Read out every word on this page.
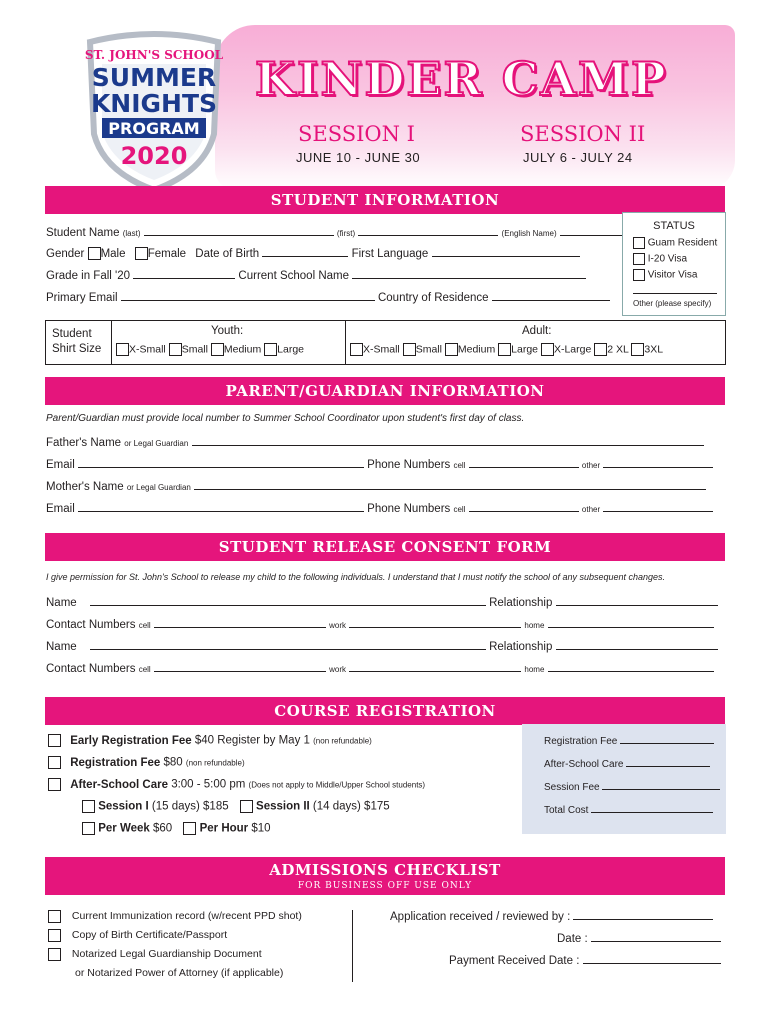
ST. JOHN'S SCHOOL
SUMMER
KNIGHTS
PROGRAM
2020
KINDER CAMP
SESSION I
JUNE 10 - JUNE 30
SESSION II
JULY 6 - JULY 24
STUDENT INFORMATION
Student Name (last)	(first)	(English Name)
Gender Male Female Date of Birth	First Language
Grade in Fall '20	Current School Name
Primary Email	Country of Residence
STATUS
Guam Resident
I-20 Visa
Visitor Visa
Other (please specify)
Student
Shirt Size
Youth:	Adult:
X-Small Small Medium Large	X-Small Small Medium Large X-Large 2 XL 3XL
PARENT/GUARDIAN INFORMATION
Parent/Guardian must provide local number to Summer School Coordinator upon student's first day of class.
Father's Name or Legal Guardian
Email	Phone Numbers cell	other
Mother's Name or Legal Guardian
Email	Phone Numbers cell	other
STUDENT RELEASE CONSENT FORM
I give permission for St. John's School to release my child to the following individuals. I understand that I must notify the school of any subsequent changes.
Name	Relationship
Contact Numbers cell	work	home
Name	Relationship
Contact Numbers cell	work	home
COURSE REGISTRATION
Early Registration Fee $40 Register by May 1 (non refundable)
Registration Fee $80 (non refundable)
After-School Care 3:00 - 5:00 pm (Does not apply to Middle/Upper School students)
Session I (15 days) $185 Session II (14 days) $175
Per Week $60 Per Hour $10
Registration Fee
After-School Care
Session Fee
Total Cost
ADMISSIONS CHECKLIST
FOR BUSINESS OFF USE ONLY
Current Immunization record (w/recent PPD shot)
Copy of Birth Certificate/Passport
Notarized Legal Guardianship Document
or Notarized Power of Attorney (if applicable)
Application received / reviewed by :
Date :
Payment Received Date :
